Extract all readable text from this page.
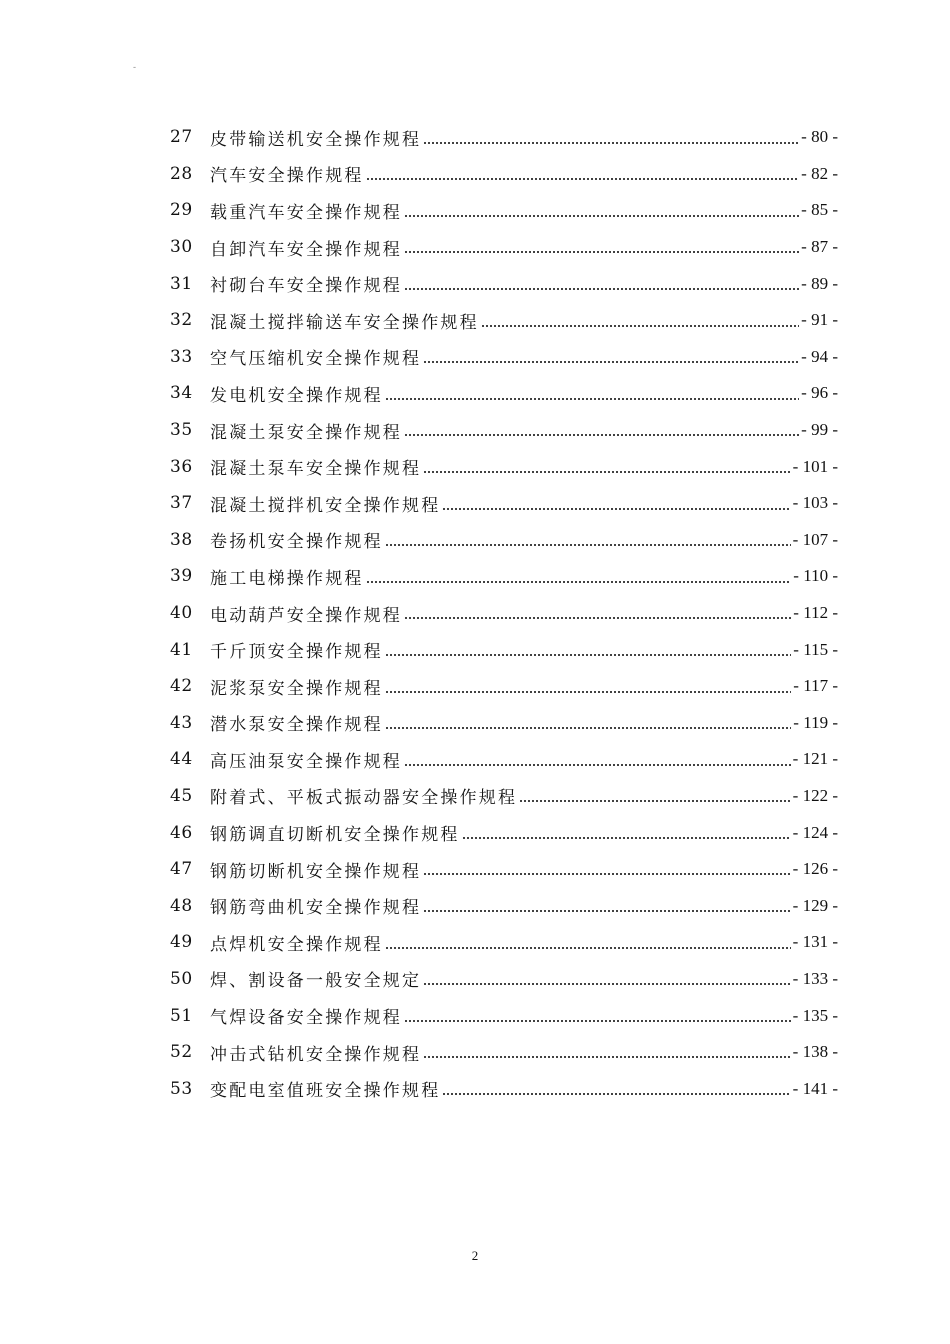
-
27	皮带输送机安全操作规程	- 80 -
28	汽车安全操作规程	- 82 -
29	载重汽车安全操作规程	- 85 -
30	自卸汽车安全操作规程	- 87 -
31	衬砌台车安全操作规程	- 89 -
32	混凝土搅拌输送车安全操作规程	- 91 -
33	空气压缩机安全操作规程	- 94 -
34	发电机安全操作规程	- 96 -
35	混凝土泵安全操作规程	- 99 -
36	混凝土泵车安全操作规程	- 101 -
37	混凝土搅拌机安全操作规程	- 103 -
38	卷扬机安全操作规程	- 107 -
39	施工电梯操作规程	- 110 -
40	电动葫芦安全操作规程	- 112 -
41	千斤顶安全操作规程	- 115 -
42	泥浆泵安全操作规程	- 117 -
43	潜水泵安全操作规程	- 119 -
44	高压油泵安全操作规程	- 121 -
45	附着式、平板式振动器安全操作规程	- 122 -
46	钢筋调直切断机安全操作规程	- 124 -
47	钢筋切断机安全操作规程	- 126 -
48	钢筋弯曲机安全操作规程	- 129 -
49	点焊机安全操作规程	- 131 -
50	焊、割设备一般安全规定	- 133 -
51	气焊设备安全操作规程	- 135 -
52	冲击式钻机安全操作规程	- 138 -
53	变配电室值班安全操作规程	- 141 -
2
